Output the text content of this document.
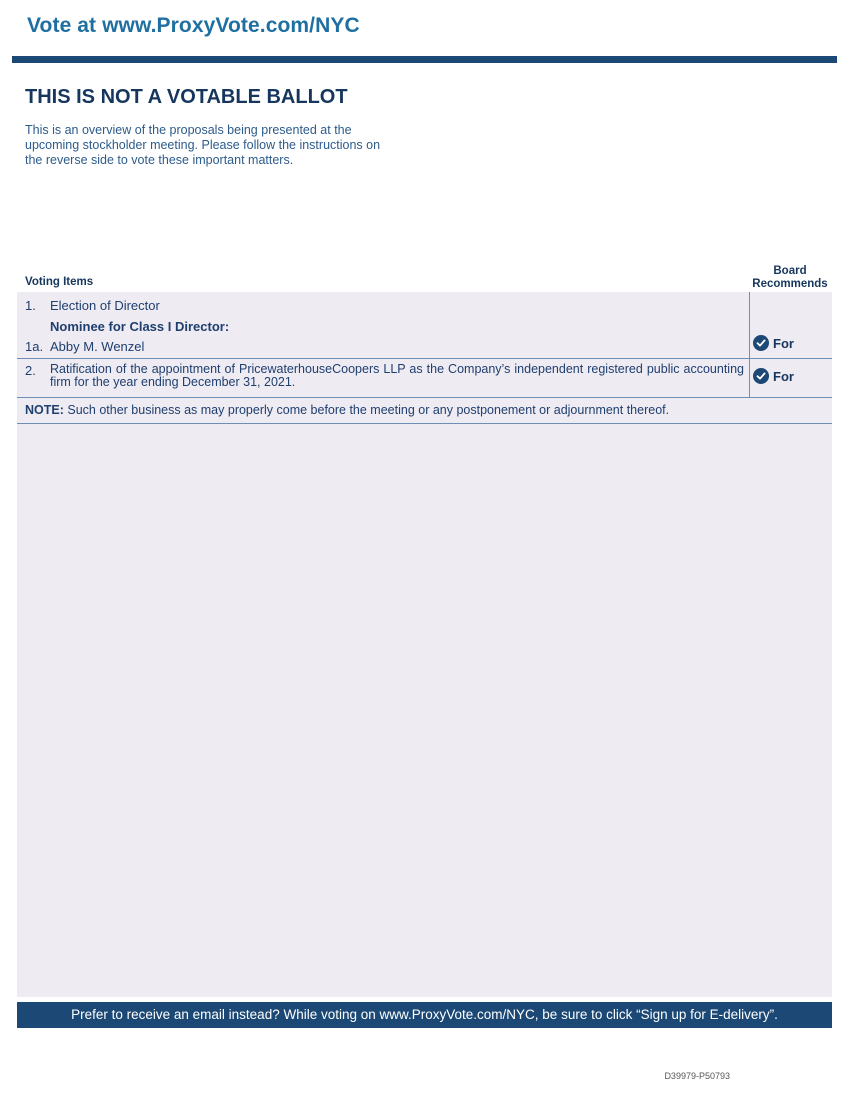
Vote at www.ProxyVote.com/NYC
THIS IS NOT A VOTABLE BALLOT
This is an overview of the proposals being presented at the
upcoming stockholder meeting. Please follow the instructions on
the reverse side to vote these important matters.
Voting Items
Board
Recommends
1. Election of Director
Nominee for Class I Director:
1a. Abby M. Wenzel	For
2. Ratification of the appointment of PricewaterhouseCoopers LLP as the Company’s independent registered public accounting firm for the year ending December 31, 2021.	For
NOTE: Such other business as may properly come before the meeting or any postponement or adjournment thereof.
Prefer to receive an email instead? While voting on www.ProxyVote.com/NYC, be sure to click “Sign up for E-delivery”.
D39979-P50793
